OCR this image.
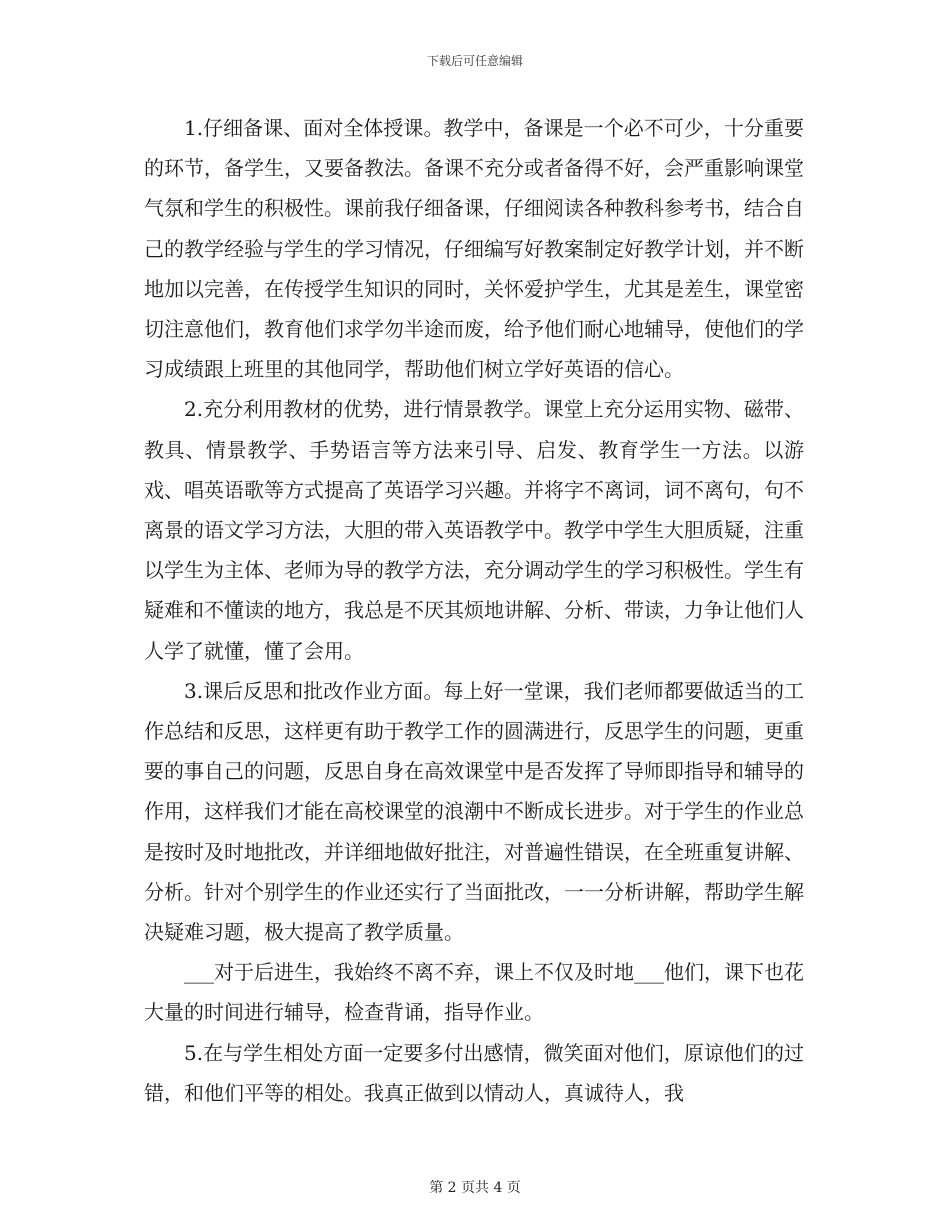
下载后可任意编辑

1.仔细备课、面对全体授课。教学中，备课是一个必不可少，十分重要的环节，备学生，又要备教法。备课不充分或者备得不好，会严重影响课堂气氛和学生的积极性。课前我仔细备课，仔细阅读各种教科参考书，结合自己的教学经验与学生的学习情况，仔细编写好教案制定好教学计划，并不断地加以完善，在传授学生知识的同时，关怀爱护学生，尤其是差生，课堂密切注意他们，教育他们求学勿半途而废，给予他们耐心地辅导，使他们的学习成绩跟上班里的其他同学，帮助他们树立学好英语的信心。

2.充分利用教材的优势，进行情景教学。课堂上充分运用实物、磁带、教具、情景教学、手势语言等方法来引导、启发、教育学生一方法。以游戏、唱英语歌等方式提高了英语学习兴趣。并将字不离词，词不离句，句不离景的语文学习方法，大胆的带入英语教学中。教学中学生大胆质疑，注重以学生为主体、老师为导的教学方法，充分调动学生的学习积极性。学生有疑难和不懂读的地方，我总是不厌其烦地讲解、分析、带读，力争让他们人人学了就懂，懂了会用。

3.课后反思和批改作业方面。每上好一堂课，我们老师都要做适当的工作总结和反思，这样更有助于教学工作的圆满进行，反思学生的问题，更重要的事自己的问题，反思自身在高效课堂中是否发挥了导师即指导和辅导的作用，这样我们才能在高校课堂的浪潮中不断成长进步。对于学生的作业总是按时及时地批改，并详细地做好批注，对普遍性错误，在全班重复讲解、分析。针对个别学生的作业还实行了当面批改，一一分析讲解，帮助学生解决疑难习题，极大提高了教学质量。

___对于后进生，我始终不离不弃，课上不仅及时地___他们，课下也花大量的时间进行辅导，检查背诵，指导作业。

5.在与学生相处方面一定要多付出感情，微笑面对他们，原谅他们的过错，和他们平等的相处。我真正做到以情动人，真诚待人，我

第 2 页共 4 页
